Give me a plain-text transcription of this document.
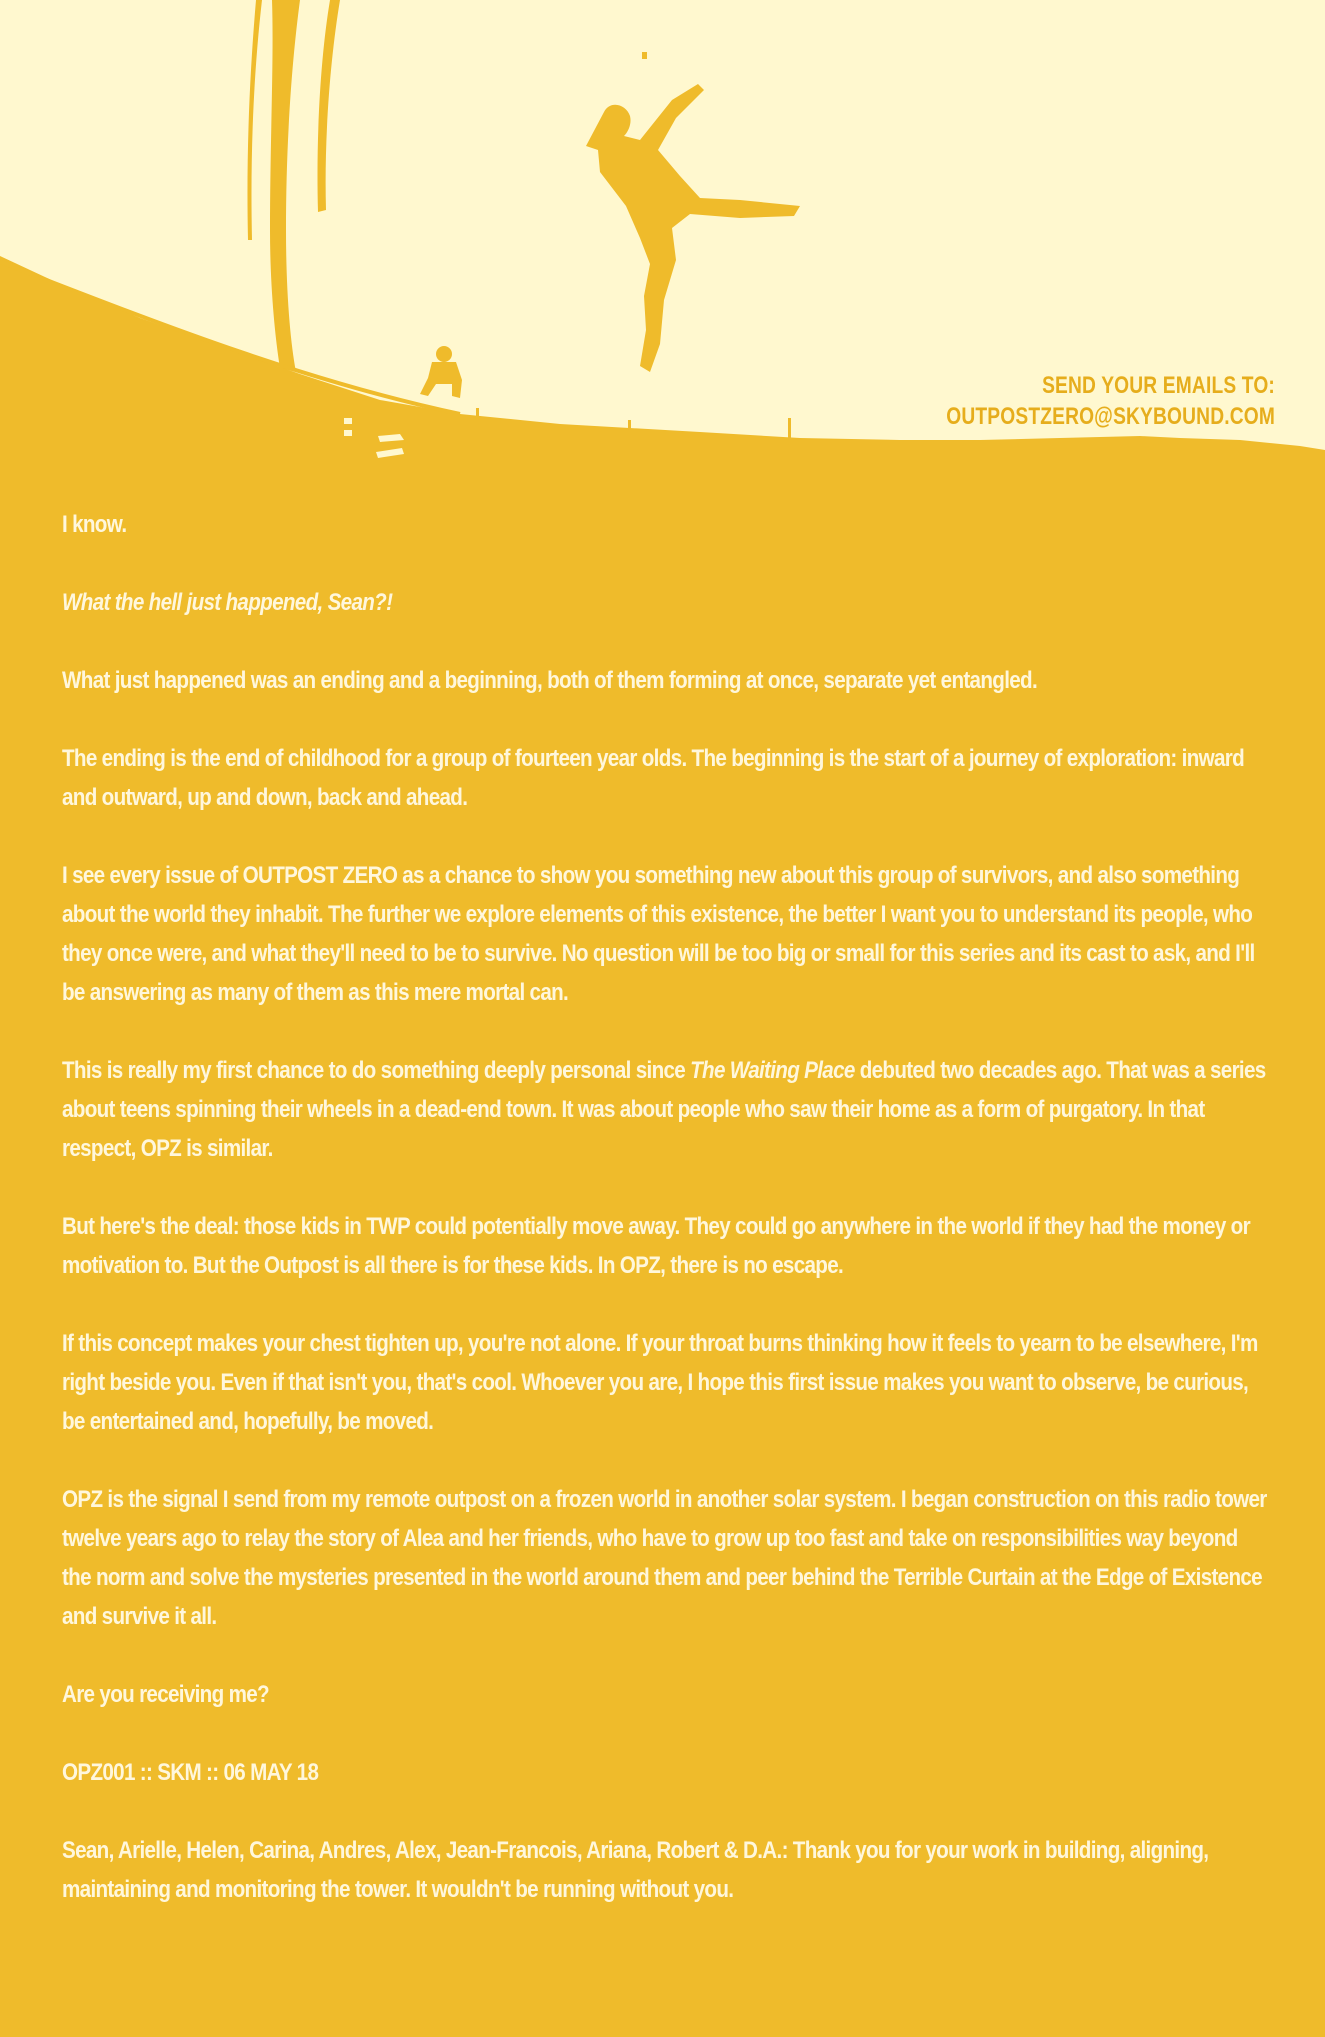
SEND YOUR EMAILS TO:
OUTPOSTZERO@SKYBOUND.COM

I know.

What the hell just happened, Sean?!

What just happened was an ending and a beginning, both of them forming at once, separate yet entangled.

The ending is the end of childhood for a group of fourteen year olds. The beginning is the start of a journey of exploration: inward and outward, up and down, back and ahead.

I see every issue of OUTPOST ZERO as a chance to show you something new about this group of survivors, and also something about the world they inhabit. The further we explore elements of this existence, the better I want you to understand its people, who they once were, and what they'll need to be to survive. No question will be too big or small for this series and its cast to ask, and I'll be answering as many of them as this mere mortal can.

This is really my first chance to do something deeply personal since The Waiting Place debuted two decades ago. That was a series about teens spinning their wheels in a dead-end town. It was about people who saw their home as a form of purgatory. In that respect, OPZ is similar.

But here's the deal: those kids in TWP could potentially move away. They could go anywhere in the world if they had the money or motivation to. But the Outpost is all there is for these kids. In OPZ, there is no escape.

If this concept makes your chest tighten up, you're not alone. If your throat burns thinking how it feels to yearn to be elsewhere, I'm right beside you. Even if that isn't you, that's cool. Whoever you are, I hope this first issue makes you want to observe, be curious, be entertained and, hopefully, be moved.

OPZ is the signal I send from my remote outpost on a frozen world in another solar system. I began construction on this radio tower twelve years ago to relay the story of Alea and her friends, who have to grow up too fast and take on responsibilities way beyond the norm and solve the mysteries presented in the world around them and peer behind the Terrible Curtain at the Edge of Existence and survive it all.

Are you receiving me?

OPZ001 :: SKM :: 06 MAY 18

Sean, Arielle, Helen, Carina, Andres, Alex, Jean-Francois, Ariana, Robert & D.A.: Thank you for your work in building, aligning, maintaining and monitoring the tower. It wouldn't be running without you.
